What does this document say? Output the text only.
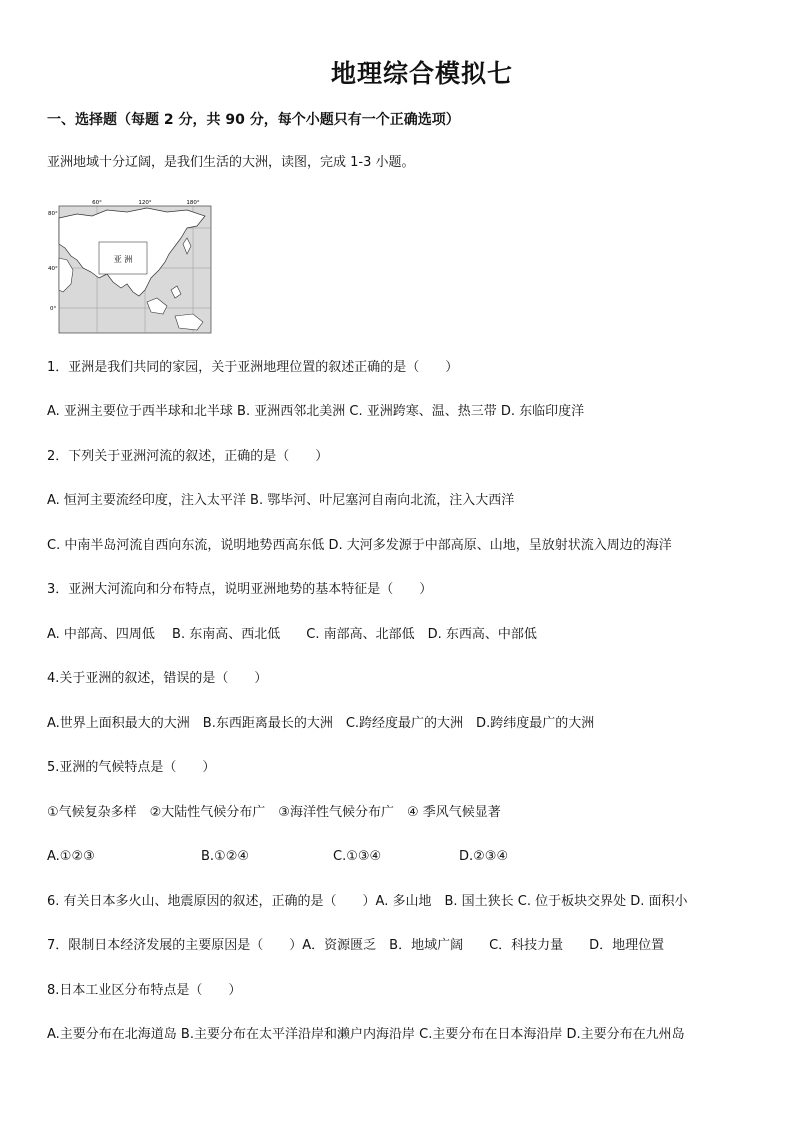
地理综合模拟七
一、选择题（每题 2 分，共 90 分，每个小题只有一个正确选项）
亚洲地域十分辽阔，是我们生活的大洲，读图，完成 1-3 小题。
亚 洲
60°	120°	180°
80°
40°
0°
1．亚洲是我们共同的家园，关于亚洲地理位置的叙述正确的是（　　）
A. 亚洲主要位于西半球和北半球 B. 亚洲西邻北美洲 C. 亚洲跨寒、温、热三带 D. 东临印度洋
2．下列关于亚洲河流的叙述，正确的是（　　）
A. 恒河主要流经印度，注入太平洋 B. 鄂毕河、叶尼塞河自南向北流，注入大西洋
C. 中南半岛河流自西向东流，说明地势西高东低 D. 大河多发源于中部高原、山地，呈放射状流入周边的海洋
3．亚洲大河流向和分布特点，说明亚洲地势的基本特征是（　　）
A. 中部高、四周低　 B. 东南高、西北低　　C. 南部高、北部低　D. 东西高、中部低
4.关于亚洲的叙述，错误的是（　　）
A.世界上面积最大的大洲　B.东西距离最长的大洲　C.跨经度最广的大洲　D.跨纬度最广的大洲
5.亚洲的气候特点是（　　）
①气候复杂多样　②大陆性气候分布广　③海洋性气候分布广　④ 季风气候显著
A.①②③	B.①②④	C.①③④	D.②③④
6. 有关日本多火山、地震原因的叙述，正确的是（　　）A. 多山地　B. 国土狭长 C. 位于板块交界处 D. 面积小
7．限制日本经济发展的主要原因是（　　）A．资源匮乏　B．地域广阔　　C．科技力量　　D．地理位置
8.日本工业区分布特点是（　　）
A.主要分布在北海道岛 B.主要分布在太平洋沿岸和濑户内海沿岸 C.主要分布在日本海沿岸 D.主要分布在九州岛
